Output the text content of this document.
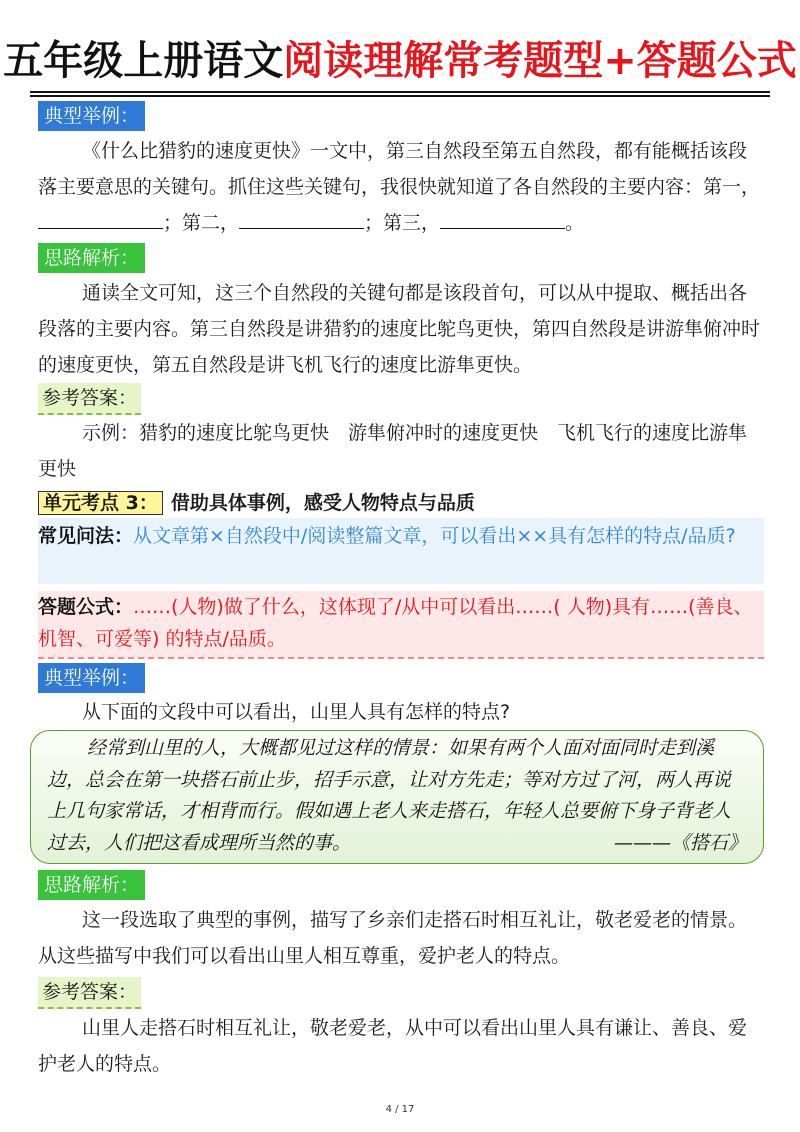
五年级上册语文阅读理解常考题型+答题公式
典型举例：

《什么比猎豹的速度更快》一文中，第三自然段至第五自然段，都有能概括该段落主要意思的关键句。抓住这些关键句，我很快就知道了各自然段的主要内容：第一，；第二，	；第三，	。

思路解析：

通读全文可知，这三个自然段的关键句都是该段首句，可以从中提取、概括出各段落的主要内容。第三自然段是讲猎豹的速度比鸵鸟更快，第四自然段是讲游隼俯冲时的速度更快，第五自然段是讲飞机飞行的速度比游隼更快。

参考答案：

示例：猎豹的速度比鸵鸟更快　游隼俯冲时的速度更快　飞机飞行的速度比游隼更快

单元考点 3： 借助具体事例，感受人物特点与品质
常见问法：从文章第×自然段中/阅读整篇文章，可以看出××具有怎样的特点/品质?
答题公式：……(人物)做了什么，这体现了/从中可以看出……( 人物)具有……(善良、机智、可爱等) 的特点/品质。
典型举例：

从下面的文段中可以看出，山里人具有怎样的特点?

经常到山里的人，大概都见过这样的情景：如果有两个人面对面同时走到溪边，总会在第一块搭石前止步，招手示意，让对方先走；等对方过了河，两人再说上几句家常话，才相背而行。假如遇上老人来走搭石，年轻人总要俯下身子背老人过去，人们把这看成理所当然的事。	———《搭石》
思路解析：

这一段选取了典型的事例，描写了乡亲们走搭石时相互礼让，敬老爱老的情景。从这些描写中我们可以看出山里人相互尊重，爱护老人的特点。

参考答案：

山里人走搭石时相互礼让，敬老爱老，从中可以看出山里人具有谦让、善良、爱护老人的特点。

4 / 17
